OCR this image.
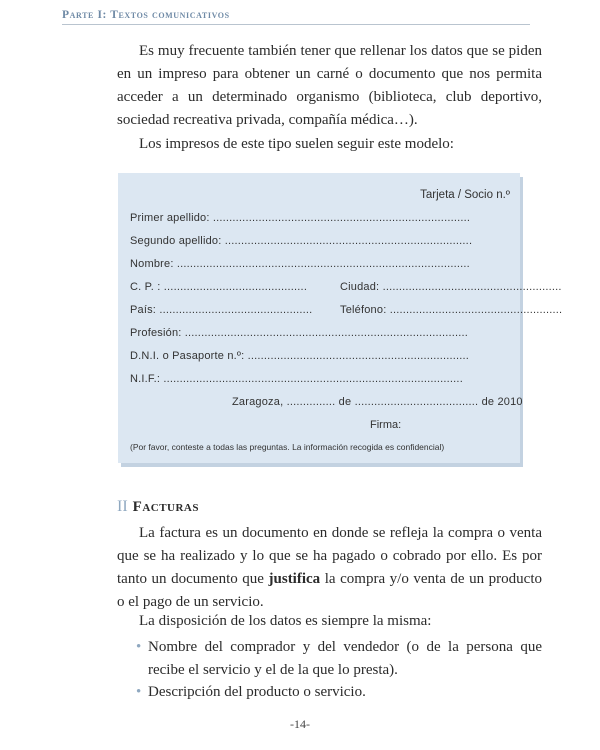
Parte I: Textos comunicativos

Es muy frecuente también tener que rellenar los datos que se piden en un impreso para obtener un carné o documento que nos permita acceder a un determinado organismo (biblioteca, club deportivo, sociedad recreativa privada, compañía médica…).

Los impresos de este tipo suelen seguir este modelo:

Tarjeta / Socio n.º
Primer apellido: ...............................................................................
Segundo apellido: ............................................................................
Nombre: ..........................................................................................
C. P. : ............................................	Ciudad: .......................................................
País: ...............................................	Teléfono: .....................................................
Profesión: .......................................................................................
D.N.I. o Pasaporte n.º: ....................................................................
N.I.F.: ............................................................................................
Zaragoza, ............... de ...................................... de 2010
Firma:
(Por favor, conteste a todas las preguntas. La información recogida es confidencial)
II Facturas

La factura es un documento en donde se refleja la compra o venta que se ha realizado y lo que se ha pagado o cobrado por ello. Es por tanto un documento que justifica la compra y/o venta de un producto o el pago de un servicio.

La disposición de los datos es siempre la misma:

• Nombre del comprador y del vendedor (o de la persona que recibe el servicio y el de la que lo presta).
• Descripción del producto o servicio.
-14-
